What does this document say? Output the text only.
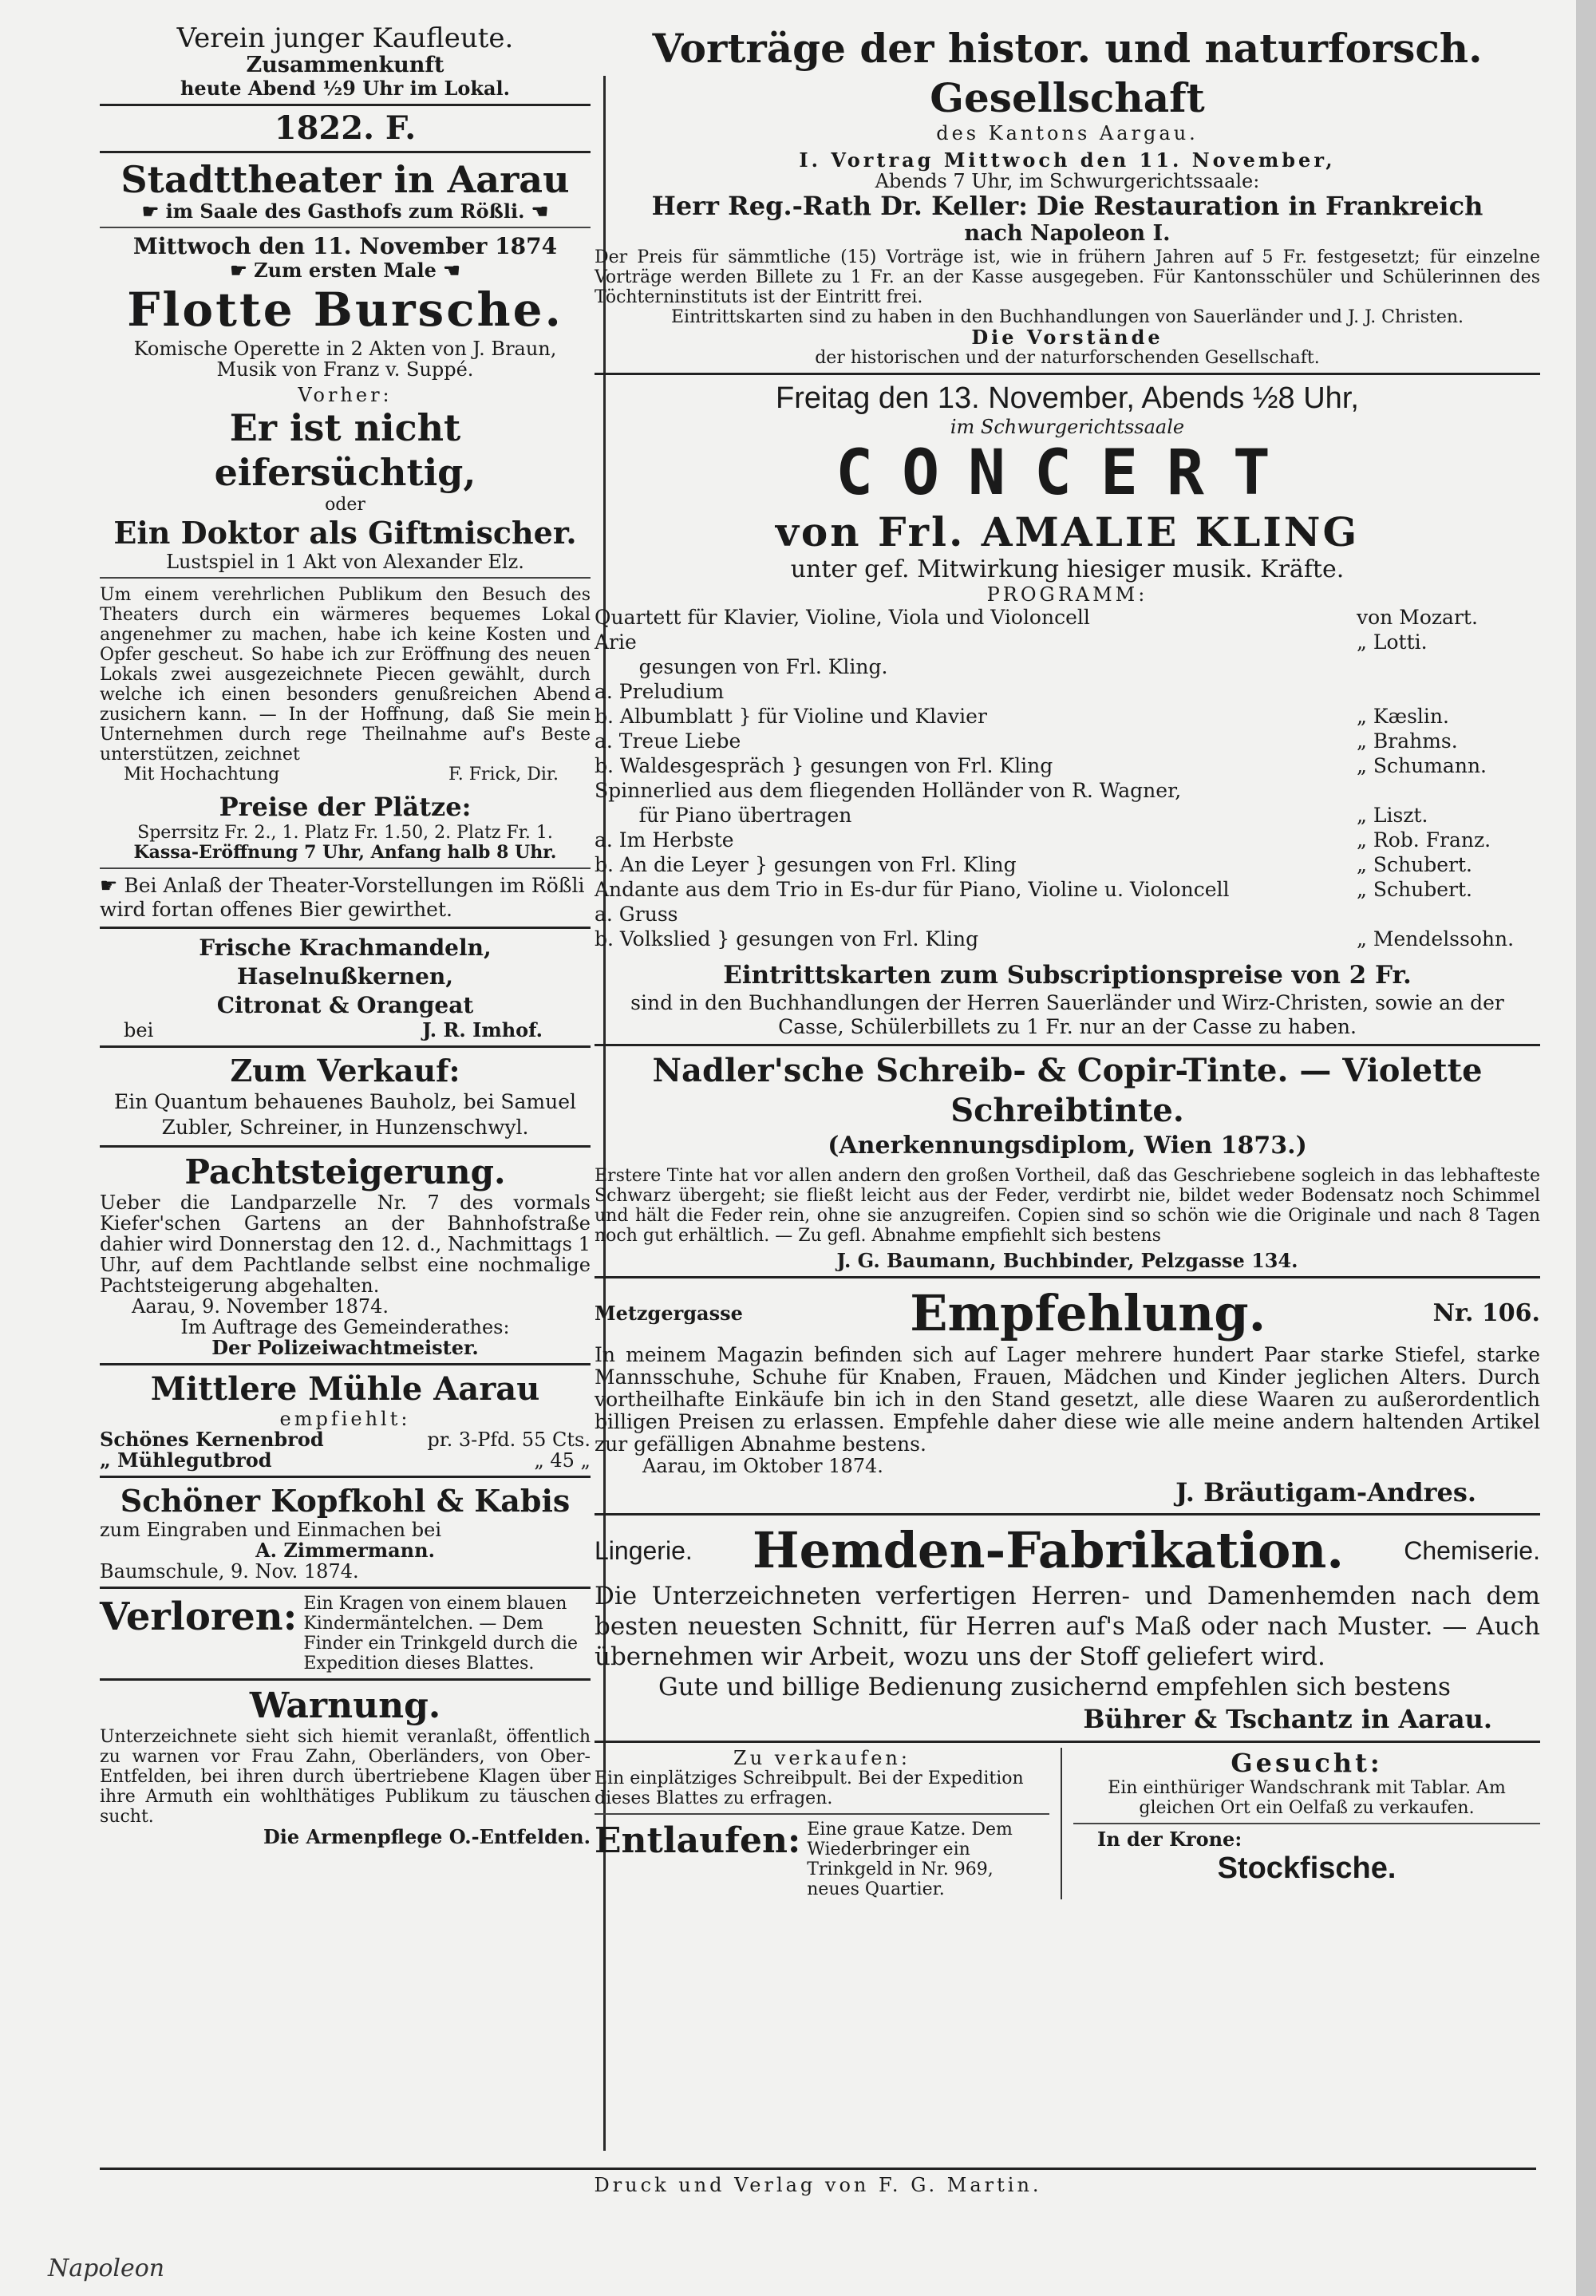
Verein junger Kaufleute.

Zusammenkunft

heute Abend ½9 Uhr im Lokal.

1822. F.

Stadttheater in Aarau

☛ im Saale des Gasthofs zum Rößli. ☚

Mittwoch den 11. November 1874

☛ Zum ersten Male ☚

Flotte Bursche.

Komische Operette in 2 Akten von J. Braun,

Musik von Franz v. Suppé.

Vorher:

Er ist nicht eifersüchtig,

oder

Ein Doktor als Giftmischer.

Lustspiel in 1 Akt von Alexander Elz.

Um einem verehrlichen Publikum den Besuch des Theaters durch ein wärmeres bequemes Lokal angenehmer zu machen, habe ich keine Kosten und Opfer gescheut. So habe ich zur Eröffnung des neuen Lokals zwei ausgezeichnete Piecen gewählt, durch welche ich einen besonders genußreichen Abend zusichern kann. — In der Hoffnung, daß Sie mein Unternehmen durch rege Theilnahme auf's Beste unterstützen, zeichnet

Mit Hochachtung	F. Frick, Dir.

Preise der Plätze:

Sperrsitz Fr. 2., 1. Platz Fr. 1.50, 2. Platz Fr. 1.

Kassa-Eröffnung 7 Uhr, Anfang halb 8 Uhr.

☛ Bei Anlaß der Theater-Vorstellungen im Rößli wird fortan offenes Bier gewirthet.

Frische Krachmandeln, Haselnußkernen,

Citronat & Orangeat

bei	J. R. Imhof.

Zum Verkauf:

Ein Quantum behauenes Bauholz, bei Samuel Zubler, Schreiner, in Hunzenschwyl.

Pachtsteigerung.

Ueber die Landparzelle Nr. 7 des vormals Kiefer'schen Gartens an der Bahnhofstraße dahier wird Donnerstag den 12. d., Nachmittags 1 Uhr, auf dem Pachtlande selbst eine nochmalige Pachtsteigerung abgehalten.

Aarau, 9. November 1874.

Im Auftrage des Gemeinderathes:

Der Polizeiwachtmeister.

Mittlere Mühle Aarau

empfiehlt:

Schönes Kernenbrod	pr. 3-Pfd. 55 Cts.
„ Mühlegutbrod	„ 45 „

Schöner Kopfkohl & Kabis

zum Eingraben und Einmachen bei

A. Zimmermann.

Baumschule, 9. Nov. 1874.

Verloren: Ein Kragen von einem blauen Kindermäntelchen. — Dem Finder ein Trinkgeld durch die Expedition dieses Blattes.

Warnung.

Unterzeichnete sieht sich hiemit veranlaßt, öffentlich zu warnen vor Frau Zahn, Oberländers, von Ober-Entfelden, bei ihren durch übertriebene Klagen über ihre Armuth ein wohlthätiges Publikum zu täuschen sucht.

Die Armenpflege O.-Entfelden.

Vorträge der histor. und naturforsch. Gesellschaft

des Kantons Aargau.

I. Vortrag Mittwoch den 11. November,

Abends 7 Uhr, im Schwurgerichtssaale:

Herr Reg.-Rath Dr. Keller: Die Restauration in Frankreich

nach Napoleon I.

Der Preis für sämmtliche (15) Vorträge ist, wie in frühern Jahren auf 5 Fr. festgesetzt; für einzelne Vorträge werden Billete zu 1 Fr. an der Kasse ausgegeben. Für Kantonsschüler und Schülerinnen des Töchterninstituts ist der Eintritt frei.

Eintrittskarten sind zu haben in den Buchhandlungen von Sauerländer und J. J. Christen.

Die Vorstände

der historischen und der naturforschenden Gesellschaft.

Freitag den 13. November, Abends ½8 Uhr,

im Schwurgerichtssaale

CONCERT

von Frl. AMALIE KLING

unter gef. Mitwirkung hiesiger musik. Kräfte.

PROGRAMM:

Quartett für Klavier, Violine, Viola und Violoncell	von Mozart.
Arie	„ Lotti.
gesungen von Frl. Kling.	
a. Preludium	
b. Albumblatt } für Violine und Klavier	„ Kæslin.
a. Treue Liebe	„ Brahms.
b. Waldesgespräch } gesungen von Frl. Kling	„ Schumann.
Spinnerlied aus dem fliegenden Holländer von R. Wagner,	
für Piano übertragen	„ Liszt.
a. Im Herbste	„ Rob. Franz.
b. An die Leyer } gesungen von Frl. Kling	„ Schubert.
Andante aus dem Trio in Es-dur für Piano, Violine u. Violoncell	„ Schubert.
a. Gruss	
b. Volkslied } gesungen von Frl. Kling	„ Mendelssohn.

Eintrittskarten zum Subscriptionspreise von 2 Fr.

sind in den Buchhandlungen der Herren Sauerländer und Wirz-Christen, sowie an der Casse, Schülerbillets zu 1 Fr. nur an der Casse zu haben.

Nadler'sche Schreib- & Copir-Tinte. — Violette Schreibtinte.

(Anerkennungsdiplom, Wien 1873.)

Erstere Tinte hat vor allen andern den großen Vortheil, daß das Geschriebene sogleich in das lebhafteste Schwarz übergeht; sie fließt leicht aus der Feder, verdirbt nie, bildet weder Bodensatz noch Schimmel und hält die Feder rein, ohne sie anzugreifen. Copien sind so schön wie die Originale und nach 8 Tagen noch gut erhältlich. — Zu gefl. Abnahme empfiehlt sich bestens

J. G. Baumann, Buchbinder, Pelzgasse 134.

Metzgergasse	Empfehlung.	Nr. 106.

In meinem Magazin befinden sich auf Lager mehrere hundert Paar starke Stiefel, starke Mannsschuhe, Schuhe für Knaben, Frauen, Mädchen und Kinder jeglichen Alters. Durch vortheilhafte Einkäufe bin ich in den Stand gesetzt, alle diese Waaren zu außerordentlich billigen Preisen zu erlassen. Empfehle daher diese wie alle meine andern haltenden Artikel zur gefälligen Abnahme bestens.

Aarau, im Oktober 1874.

J. Bräutigam-Andres.

Lingerie. Hemden-Fabrikation. Chemiserie.

Die Unterzeichneten verfertigen Herren- und Damenhemden nach dem besten neuesten Schnitt, für Herren auf's Maß oder nach Muster. — Auch übernehmen wir Arbeit, wozu uns der Stoff geliefert wird.

Gute und billige Bedienung zusichernd empfehlen sich bestens

Bührer & Tschantz in Aarau.

Zu verkaufen:

Ein einplätziges Schreibpult. Bei der Expedition dieses Blattes zu erfragen.

Entlaufen: Eine graue Katze. Dem Wiederbringer ein Trinkgeld in Nr. 969, neues Quartier.

Gesucht:

Ein einthüriger Wandschrank mit Tablar. Am gleichen Ort ein Oelfaß zu verkaufen.

In der Krone:

Stockfische.

Druck und Verlag von F. G. Martin.

Napoleon
